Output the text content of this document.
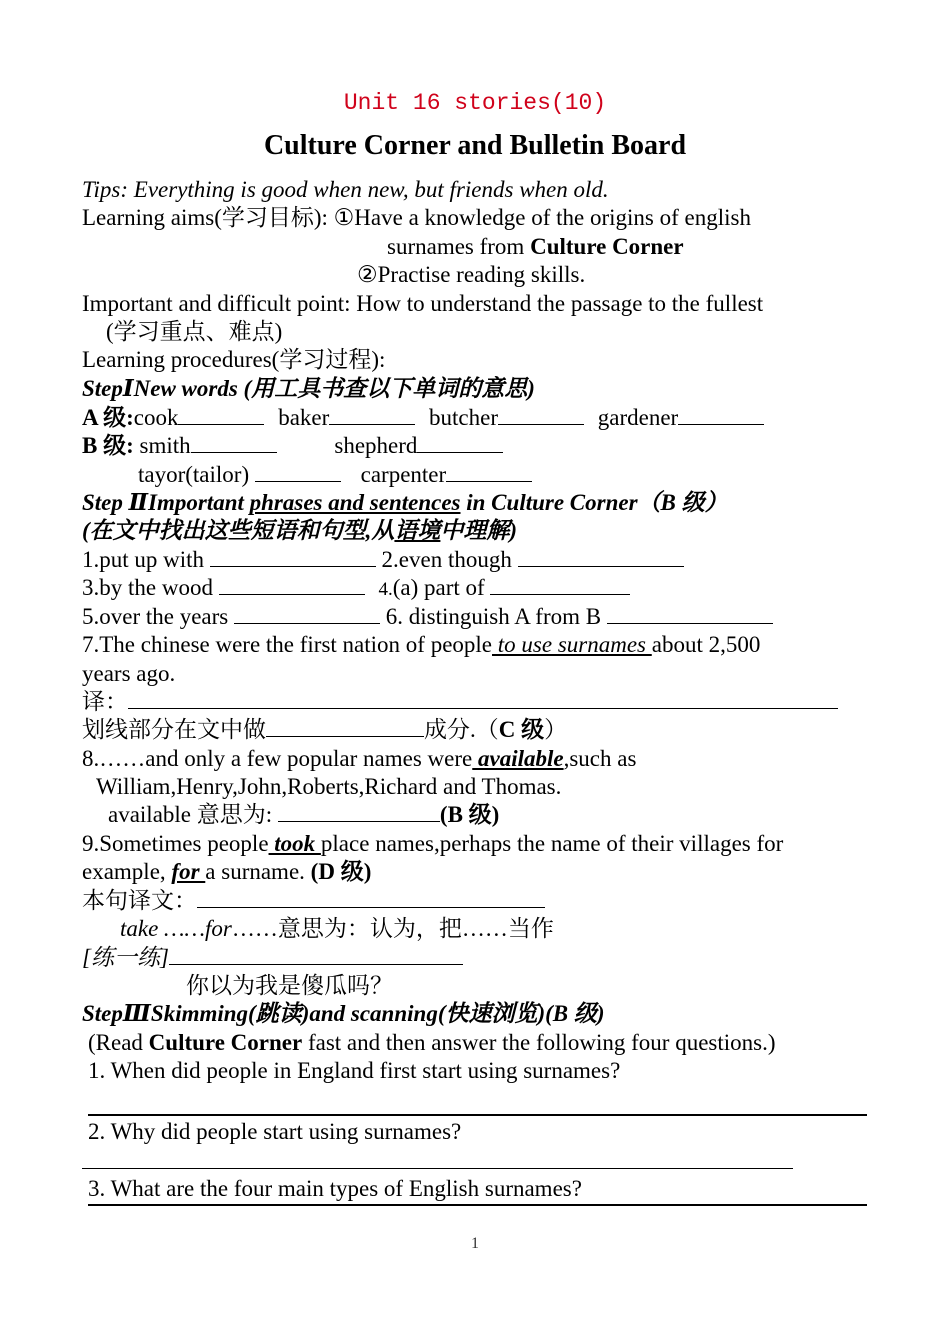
Unit 16 stories(10)
Culture Corner and Bulletin Board
Tips: Everything is good when new, but friends when old.
Learning aims(学习目标): ①Have a knowledge of the origins of english
surnames from Culture Corner
②Practise reading skills.
Important and difficult point: How to understand the passage to the fullest
(学习重点、难点)
Learning procedures(学习过程):
StepⅠNew words (用工具书查以下单词的意思)
A 级:cook	baker	butcher	gardener
B 级: smith	shepherd
tayor(tailor)	carpenter
Step ⅡImportant phrases and sentences in Culture Corner（B 级）
(在文中找出这些短语和句型,从语境中理解)
1.put up with	2.even though
3.by the wood	4.(a) part of
5.over the years	6. distinguish A from B
7.The chinese were the first nation of people to use surnames about 2,500
years ago.
译：
划线部分在文中做	成分.（C 级）
8.……and only a few popular names were available,such as
William,Henry,John,Roberts,Richard and Thomas.
available 意思为:	(B 级)
9.Sometimes people took place names,perhaps the name of their villages for
example, for a surname. (D 级)
本句译文：
take ……for……意思为：认为，把……当作
[练一练]
你以为我是傻瓜吗？
StepⅢSkimming(跳读)and scanning(快速浏览)(B 级)
(Read Culture Corner fast and then answer the following four questions.)
1. When did people in England first start using surnames?
2. Why did people start using surnames?
3. What are the four main types of English surnames?
1
